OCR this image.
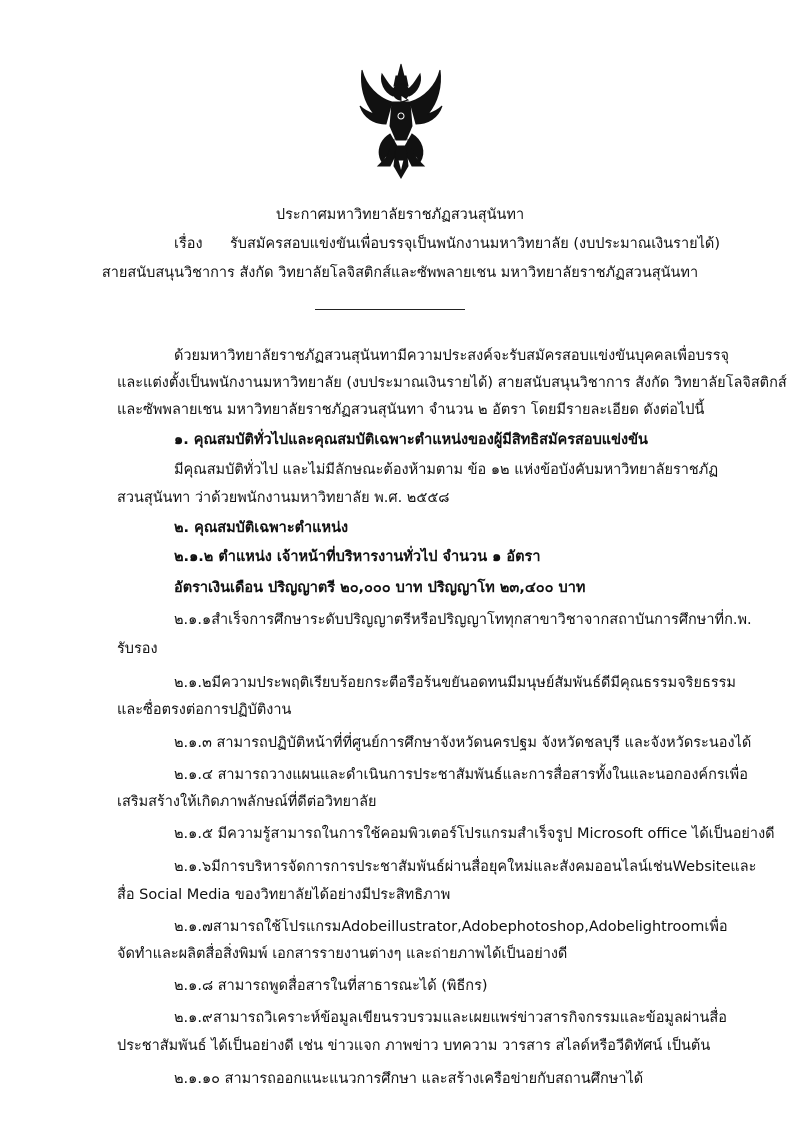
ประกาศมหาวิทยาลัยราชภัฏสวนสุนันทา
เรื่อง รับสมัครสอบแข่งขันเพื่อบรรจุเป็นพนักงานมหาวิทยาลัย (งบประมาณเงินรายได้)
สายสนับสนุนวิชาการ สังกัด วิทยาลัยโลจิสติกส์และซัพพลายเชน มหาวิทยาลัยราชภัฏสวนสุนันทา
ด้วยมหาวิทยาลัยราชภัฏสวนสุนันทามีความประสงค์จะรับสมัครสอบแข่งขันบุคคลเพื่อบรรจุ
และแต่งตั้งเป็นพนักงานมหาวิทยาลัย (งบประมาณเงินรายได้) สายสนับสนุนวิชาการ สังกัด วิทยาลัยโลจิสติกส์
และซัพพลายเชน มหาวิทยาลัยราชภัฏสวนสุนันทา จำนวน ๒ อัตรา โดยมีรายละเอียด ดังต่อไปนี้
๑. คุณสมบัติทั่วไปและคุณสมบัติเฉพาะตำแหน่งของผู้มีสิทธิสมัครสอบแข่งขัน
มีคุณสมบัติทั่วไป และไม่มีลักษณะต้องห้ามตาม ข้อ ๑๒ แห่งข้อบังคับมหาวิทยาลัยราชภัฏ
สวนสุนันทา ว่าด้วยพนักงานมหาวิทยาลัย พ.ศ. ๒๕๕๘
๒. คุณสมบัติเฉพาะตำแหน่ง
๒.๑.๒ ตำแหน่ง เจ้าหน้าที่บริหารงานทั่วไป จำนวน ๑ อัตรา
อัตราเงินเดือน ปริญญาตรี ๒๐,๐๐๐ บาท ปริญญาโท ๒๓,๔๐๐ บาท
๒.๑.๑ สำเร็จการศึกษาระดับปริญญาตรีหรือปริญญาโททุกสาขาวิชา จากสถาบันการศึกษาที่ ก.พ.
รับรอง
๒.๑.๒ มีความประพฤติเรียบร้อย กระตือรือร้น ขยัน อดทน มีมนุษย์สัมพันธ์ดี มีคุณธรรม จริยธรรม
และซื่อตรงต่อการปฏิบัติงาน
๒.๑.๓ สามารถปฏิบัติหน้าที่ที่ศูนย์การศึกษาจังหวัดนครปฐม จังหวัดชลบุรี และจังหวัดระนองได้
๒.๑.๔ สามารถวางแผนและดำเนินการประชาสัมพันธ์และการสื่อสารทั้งในและนอกองค์กรเพื่อ
เสริมสร้างให้เกิดภาพลักษณ์ที่ดีต่อวิทยาลัย
๒.๑.๕ มีความรู้สามารถในการใช้คอมพิวเตอร์โปรแกรมสำเร็จรูป Microsoft office ได้เป็นอย่างดี
๒.๑.๖ มีการบริหารจัดการการประชาสัมพันธ์ผ่านสื่อยุคใหม่และสังคมออนไลน์ เช่น Website และ
สื่อ Social Media ของวิทยาลัยได้อย่างมีประสิทธิภาพ
๒.๑.๗ สามารถใช้โปรแกรม Adobe illustrator, Adobe photoshop, Adobe lightroom เพื่อ
จัดทำและผลิตสื่อสิ่งพิมพ์ เอกสารรายงานต่างๆ และถ่ายภาพได้เป็นอย่างดี
๒.๑.๘ สามารถพูดสื่อสารในที่สาธารณะได้ (พิธีกร)
๒.๑.๙ สามารถวิเคราะห์ข้อมูล เขียน รวบรวม และเผยแพร่ข่าวสาร กิจกรรมและข้อมูลผ่านสื่อ
ประชาสัมพันธ์ ได้เป็นอย่างดี เช่น ข่าวแจก ภาพข่าว บทความ วารสาร สไลด์หรือวีดิทัศน์ เป็นต้น
๒.๑.๑๐ สามารถออกแนะแนวการศึกษา และสร้างเครือข่ายกับสถานศึกษาได้
